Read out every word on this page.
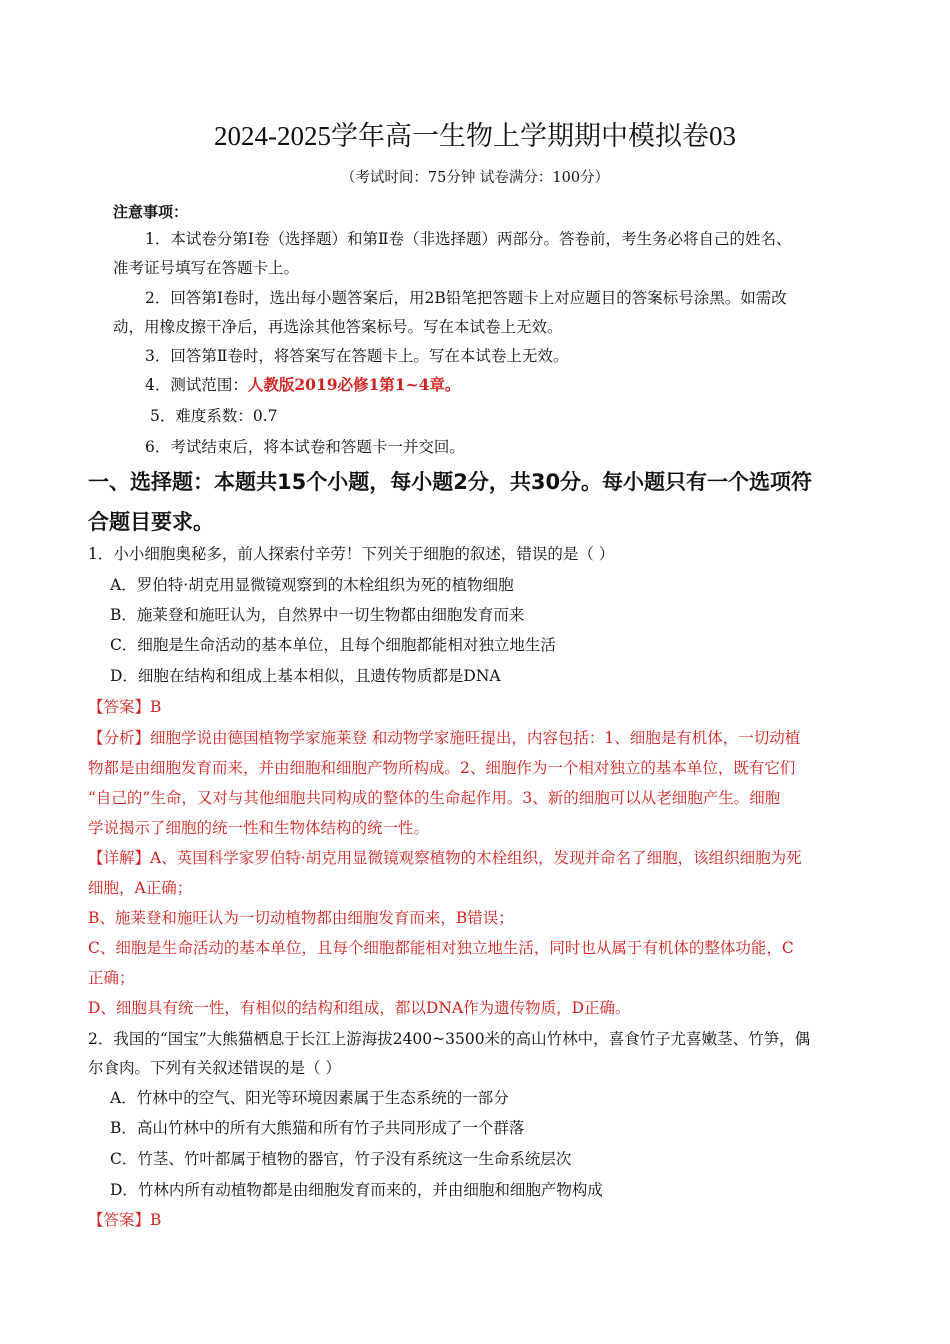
2024-2025学年高一生物上学期期中模拟卷03
（考试时间：75分钟 试卷满分：100分）
注意事项：
1．本试卷分第Ⅰ卷（选择题）和第Ⅱ卷（非选择题）两部分。答卷前，考生务必将自己的姓名、
准考证号填写在答题卡上。
2．回答第Ⅰ卷时，选出每小题答案后，用2B铅笔把答题卡上对应题目的答案标号涂黑。如需改
动，用橡皮擦干净后，再选涂其他答案标号。写在本试卷上无效。
3．回答第Ⅱ卷时，将答案写在答题卡上。写在本试卷上无效。
4．测试范围：人教版2019必修1第1~4章。
5．难度系数：0.7
6．考试结束后，将本试卷和答题卡一并交回。
一、选择题：本题共15个小题，每小题2分，共30分。每小题只有一个选项符
合题目要求。
1．小小细胞奥秘多，前人探索付辛劳！下列关于细胞的叙述，错误的是（ ）
A．罗伯特·胡克用显微镜观察到的木栓组织为死的植物细胞
B．施莱登和施旺认为，自然界中一切生物都由细胞发育而来
C．细胞是生命活动的基本单位，且每个细胞都能相对独立地生活
D．细胞在结构和组成上基本相似，且遗传物质都是DNA
【答案】B
【分析】细胞学说由德国植物学家施莱登 和动物学家施旺提出，内容包括：1、细胞是有机体，一切动植
物都是由细胞发育而来，并由细胞和细胞产物所构成。2、细胞作为一个相对独立的基本单位，既有它们
“自己的”生命，又对与其他细胞共同构成的整体的生命起作用。3、新的细胞可以从老细胞产生。细胞
学说揭示了细胞的统一性和生物体结构的统一性。
【详解】A、英国科学家罗伯特·胡克用显微镜观察植物的木栓组织，发现并命名了细胞，该组织细胞为死
细胞，A正确；
B、施莱登和施旺认为一切动植物都由细胞发育而来，B错误；
C、细胞是生命活动的基本单位，且每个细胞都能相对独立地生活，同时也从属于有机体的整体功能，C
正确；
D、细胞具有统一性，有相似的结构和组成，都以DNA作为遗传物质，D正确。
2．我国的“国宝”大熊猫栖息于长江上游海拔2400~3500米的高山竹林中，喜食竹子尤喜嫩茎、竹笋，偶
尔食肉。下列有关叙述错误的是（ ）
A．竹林中的空气、阳光等环境因素属于生态系统的一部分
B．高山竹林中的所有大熊猫和所有竹子共同形成了一个群落
C．竹茎、竹叶都属于植物的器官，竹子没有系统这一生命系统层次
D．竹林内所有动植物都是由细胞发育而来的，并由细胞和细胞产物构成
【答案】B
